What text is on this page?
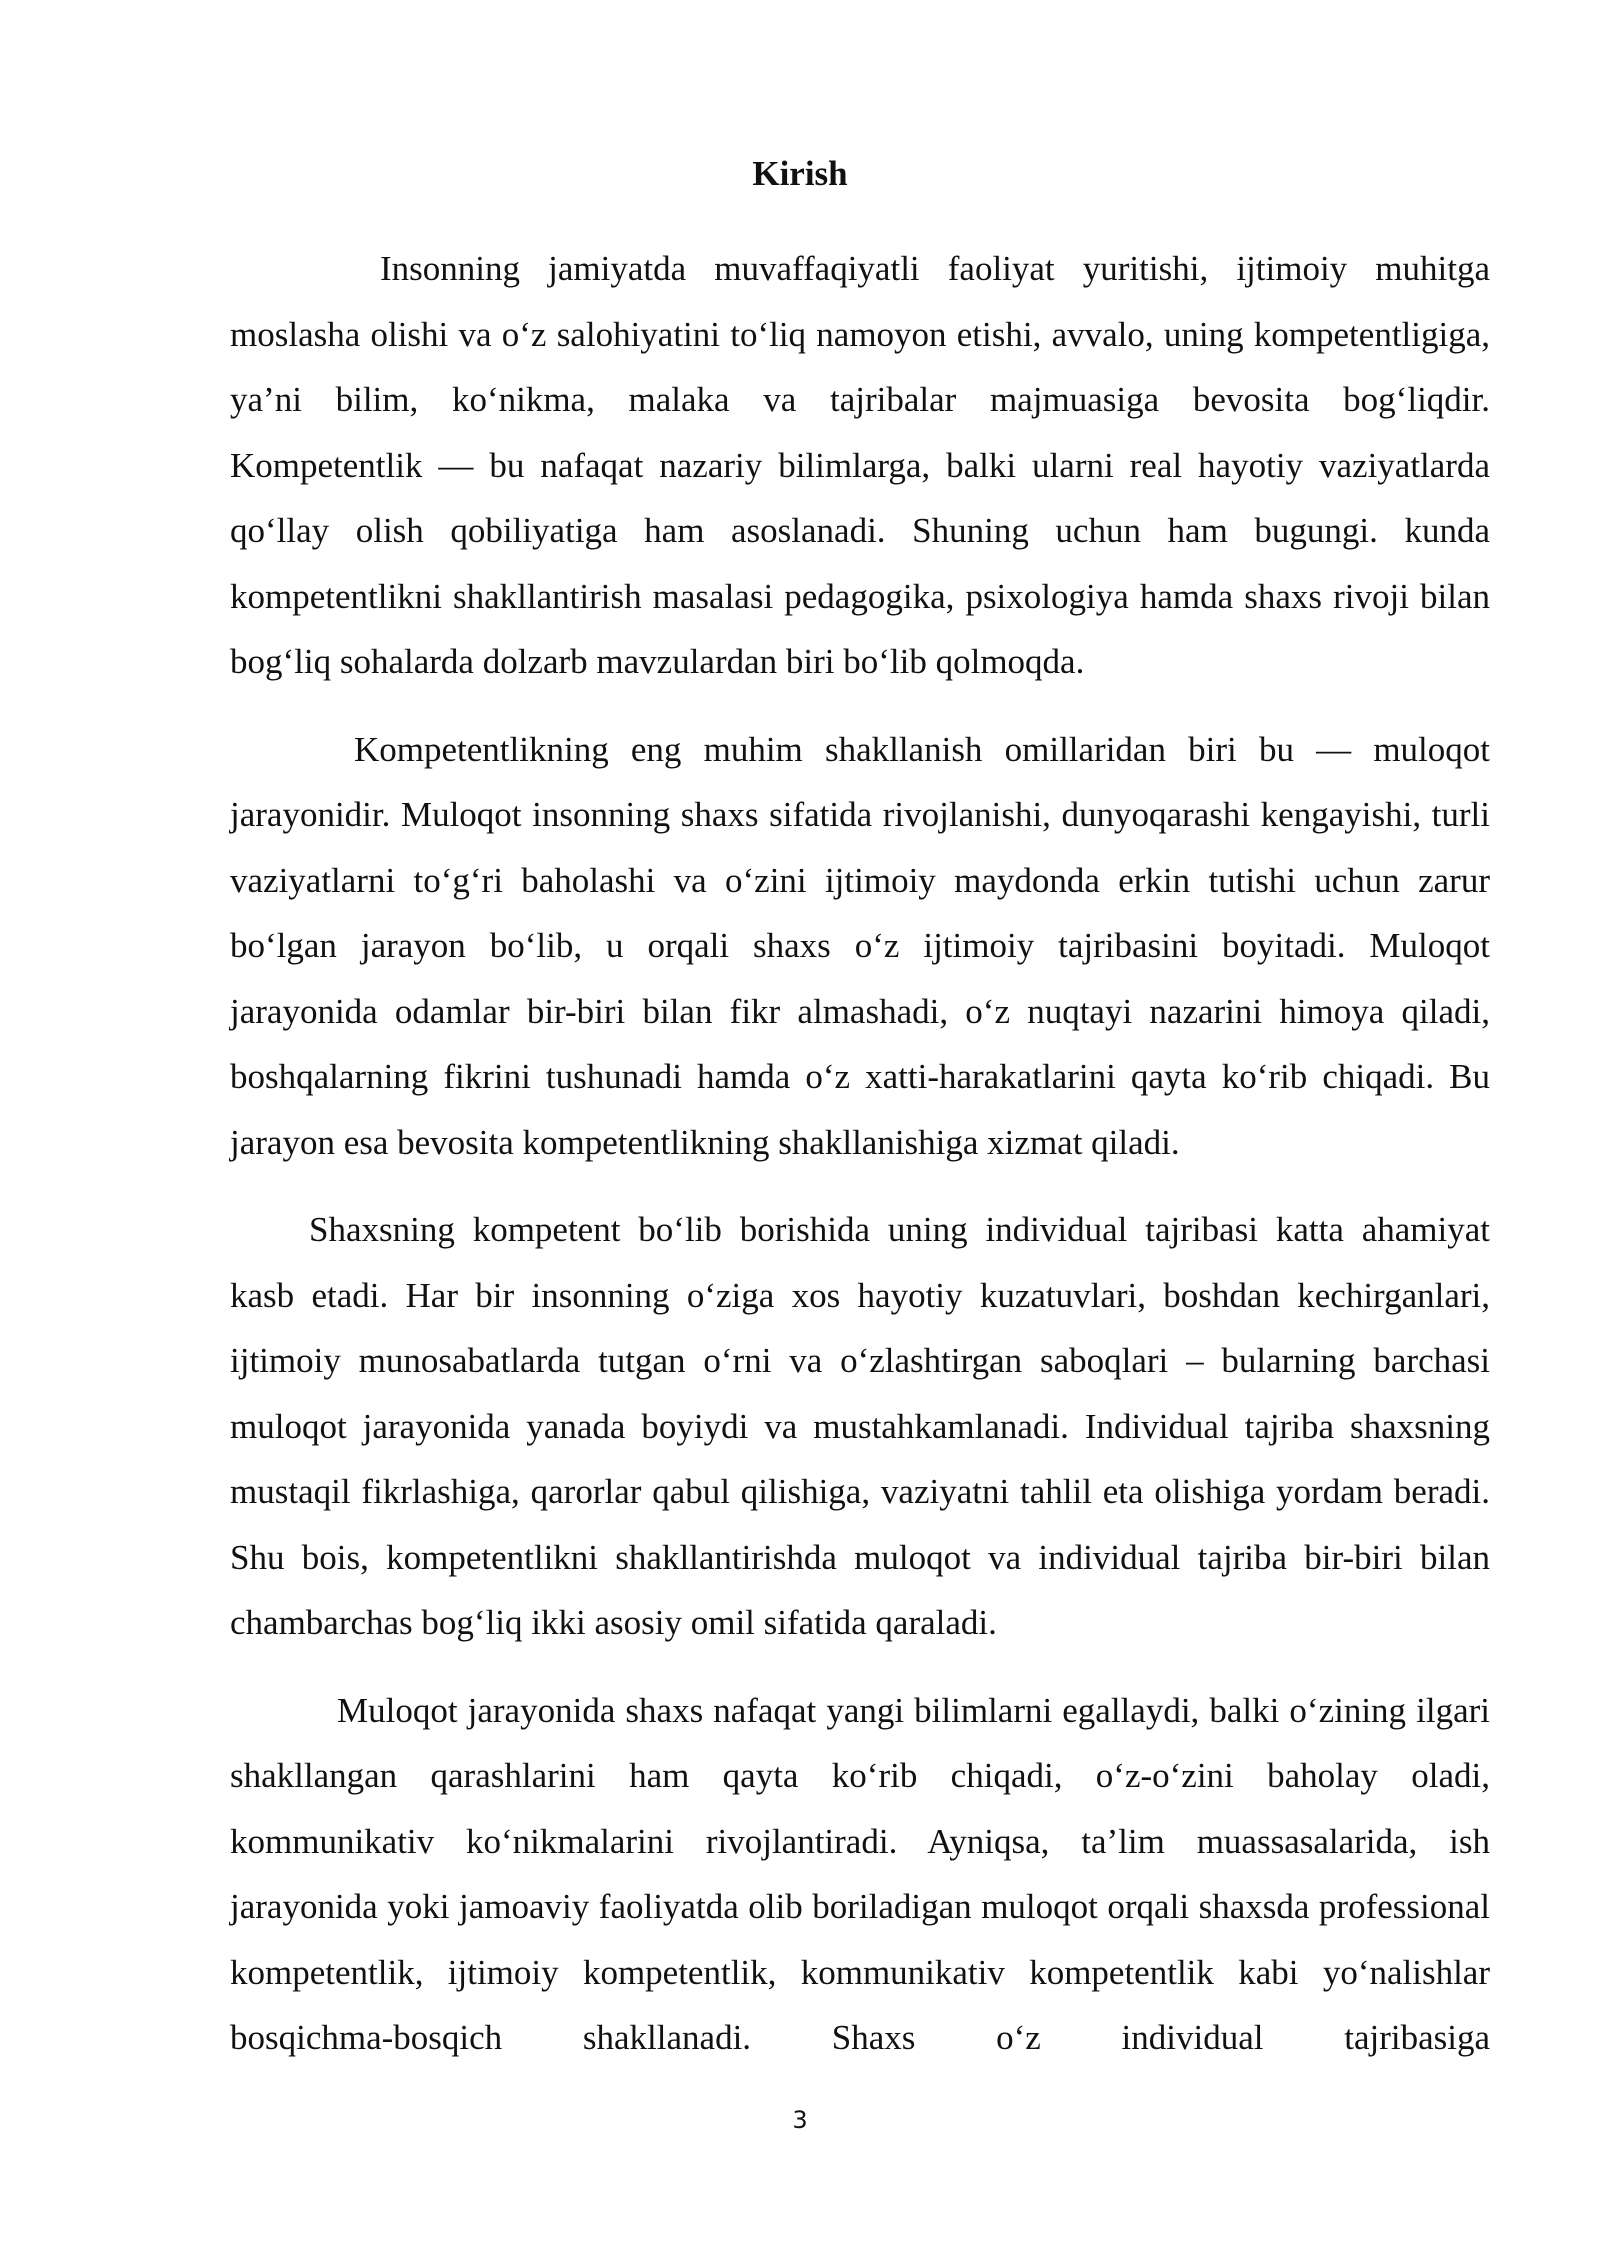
Kirish

Insonning jamiyatda muvaffaqiyatli faoliyat yuritishi, ijtimoiy muhitga moslasha olishi va o‘z salohiyatini to‘liq namoyon etishi, avvalo, uning kompetentligiga, ya’ni bilim, ko‘nikma, malaka va tajribalar majmuasiga bevosita bog‘liqdir. Kompetentlik — bu nafaqat nazariy bilimlarga, balki ularni real hayotiy vaziyatlarda qo‘llay olish qobiliyatiga ham asoslanadi. Shuning uchun ham bugungi. kunda kompetentlikni shakllantirish masalasi pedagogika, psixologiya hamda shaxs rivoji bilan bog‘liq sohalarda dolzarb mavzulardan biri bo‘lib qolmoqda.

Kompetentlikning eng muhim shakllanish omillaridan biri bu — muloqot jarayonidir. Muloqot insonning shaxs sifatida rivojlanishi, dunyoqarashi kengayishi, turli vaziyatlarni to‘g‘ri baholashi va o‘zini ijtimoiy maydonda erkin tutishi uchun zarur bo‘lgan jarayon bo‘lib, u orqali shaxs o‘z ijtimoiy tajribasini boyitadi. Muloqot jarayonida odamlar bir-biri bilan fikr almashadi, o‘z nuqtayi nazarini himoya qiladi, boshqalarning fikrini tushunadi hamda o‘z xatti-harakatlarini qayta ko‘rib chiqadi. Bu jarayon esa bevosita kompetentlikning shakllanishiga xizmat qiladi.

Shaxsning kompetent bo‘lib borishida uning individual tajribasi katta ahamiyat kasb etadi. Har bir insonning o‘ziga xos hayotiy kuzatuvlari, boshdan kechirganlari, ijtimoiy munosabatlarda tutgan o‘rni va o‘zlashtirgan saboqlari – bularning barchasi muloqot jarayonida yanada boyiydi va mustahkamlanadi. Individual tajriba shaxsning mustaqil fikrlashiga, qarorlar qabul qilishiga, vaziyatni tahlil eta olishiga yordam beradi. Shu bois, kompetentlikni shakllantirishda muloqot va individual tajriba bir-biri bilan chambarchas bog‘liq ikki asosiy omil sifatida qaraladi.

Muloqot jarayonida shaxs nafaqat yangi bilimlarni egallaydi, balki o‘zining ilgari shakllangan qarashlarini ham qayta ko‘rib chiqadi, o‘z-o‘zini baholay oladi, kommunikativ ko‘nikmalarini rivojlantiradi. Ayniqsa, ta’lim muassasalarida, ish jarayonida yoki jamoaviy faoliyatda olib boriladigan muloqot orqali shaxsda professional kompetentlik, ijtimoiy kompetentlik, kommunikativ kompetentlik kabi yo‘nalishlar bosqichma-bosqich shakllanadi. Shaxs o‘z individual tajribasiga

3
